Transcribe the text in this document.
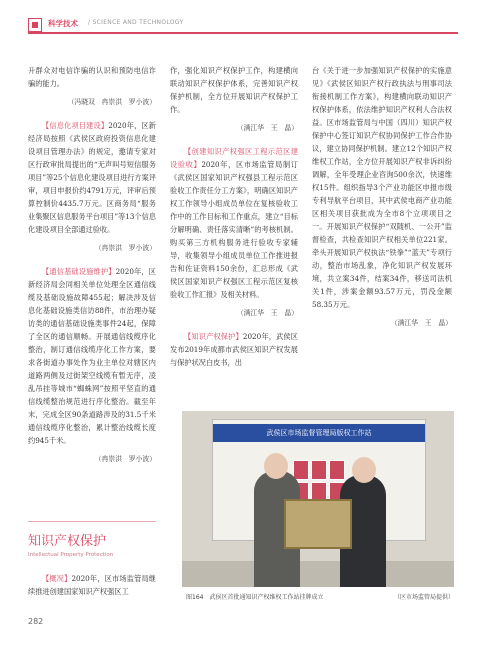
科学技术 / SCIENCE AND TECHNOLOGY

升群众对电信诈骗的认识和预防电信诈骗的能力。

（冯晓双　冉崇洪　罗小波）

【信息化项目建设】2020年，区新经济局按照《武侯区政府投资信息化建设项目管理办法》的规定，邀请专家对区行政审批局提出的“无声叫号短信服务项目”等25个信息化建设项目进行方案评审，项目申报价约4791万元，评审后预算控制价4435.7万元。区商务局“服务业集聚区信息服务平台项目”等13个信息化建设项目全部通过验收。

（冉崇洪　罗小波）

【通信基础设施维护】2020年，区新经济局会同相关单位处理全区通信线缆及基础设施故障455起；解决涉及信息化基础设施类信访88件，市治理办疑访类的通信基础设施类事件24起，保障了全区的通信顺畅。开展通信线缆序化整治，制订通信线缆序化工作方案，要求各街道办事处作为业主单位对辖区内道路两侧及过街架空线缆有暂无序，凌乱吊挂等城市“蜘蛛网”按照平坚直的通信线缆整治规范进行序化整治。截至年末，完成全区90条道路涉及的31.5千米通信线缆序化整治，累计整治线缆长度约945千米。

（冉崇洪　罗小波）

知识产权保护
Intellectual Property Protection

【概况】2020年，区市场监管局继续推进创建国家知识产权强区工

作，强化知识产权保护工作，构建横向联动知识产权保护体系，完善知识产权保护机制，全方位开展知识产权保护工作。

（满江华　王　晶）

【创建知识产权强区工程示范区建设验收】2020年，区市场监管局制订《武侯区国家知识产权强县工程示范区验收工作责任分工方案》，明确区知识产权工作领导小组成员单位在复核验收工作中的工作目标和工作重点，建立“目标分解明确、责任落实清晰”的考核机制。购买第三方机构服务进行验收专家辅导，收集领导小组成员单位工作推进报告和佐证资料150余份，汇总形成《武侯区国家知识产权强区工程示范区复核验收工作汇报》及相关材料。

（满江华　王　晶）

【知识产权保护】2020年，武侯区发布2019年成都市武侯区知识产权发展与保护状况白皮书，出

台《关于进一步加强知识产权保护的实施意见》《武侯区知识产权行政执法与刑事司法衔接机制工作方案》，构建横向联动知识产权保护体系，依法维护知识产权利人合法权益。区市场监管局与中国（四川）知识产权保护中心签订知识产权协同保护工作合作协议，建立协同保护机制。建立12个知识产权维权工作站，全方位开展知识产权非诉纠纷调解，全年受理企业咨询500余次，快速维权15件。组织指导3个产业功能区申报市级专利导航平台项目，其中武侯电商产业功能区相关项目获批成为全市8个立项项目之一。开展知识产权保护“双随机、一公开”监督检查，共检查知识产权相关单位221家。牵头开展知识产权执法“铁拳”“蓝天”专项行动，整治市场乱象，净化知识产权发展环境，共立案34件，结案34件，移送司法机关1件，涉案金额93.57万元，罚没金额58.35万元。

（满江华　王　晶）

武侯区市场监督管理局版权工作站
图164　武侯区首批通知识产权维权工作站挂牌成立	（区市场监管局提供）
282
